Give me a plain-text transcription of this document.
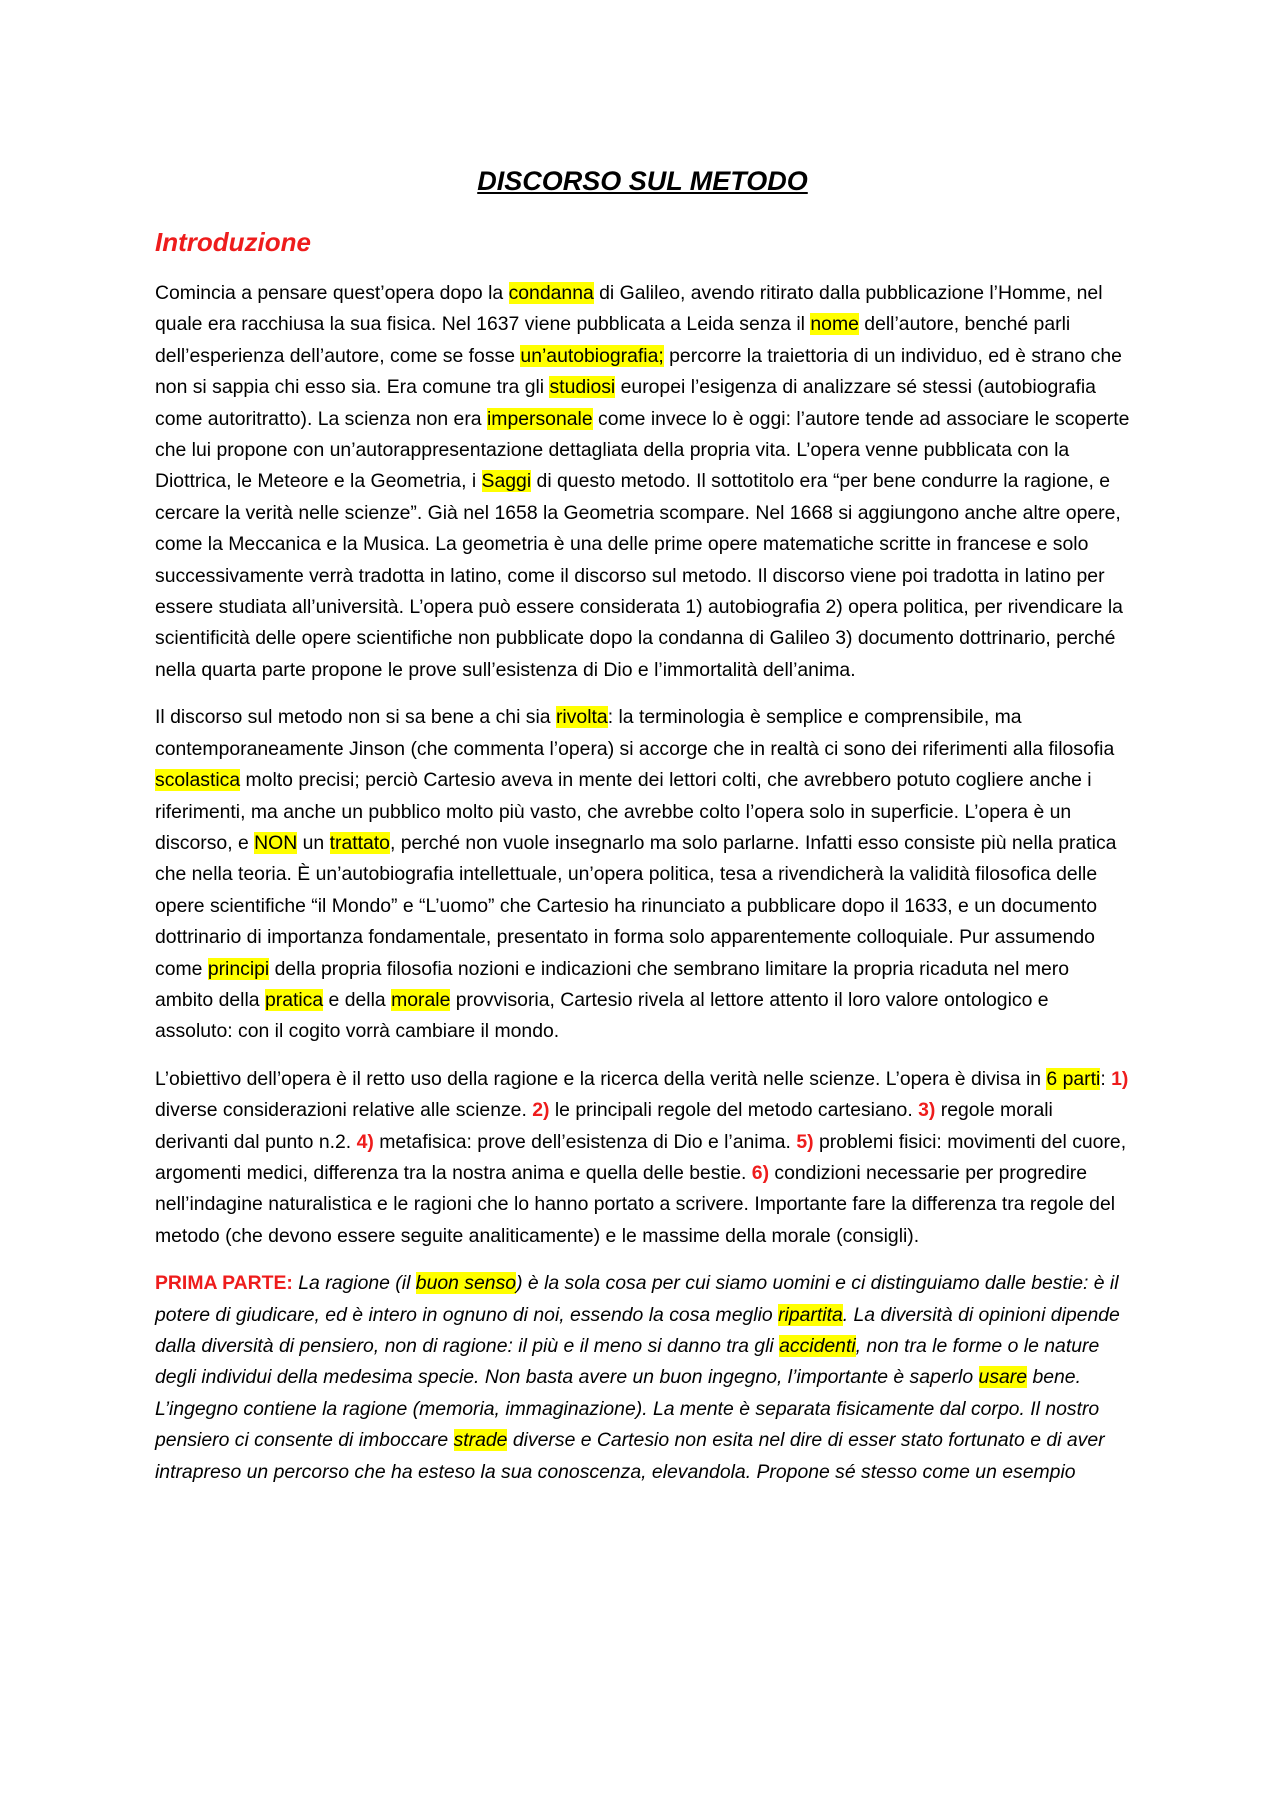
DISCORSO SUL METODO
Introduzione

Comincia a pensare quest’opera dopo la condanna di Galileo, avendo ritirato dalla pubblicazione l’Homme, nel quale era racchiusa la sua fisica. Nel 1637 viene pubblicata a Leida senza il nome dell’autore, benché parli dell’esperienza dell’autore, come se fosse un’autobiografia; percorre la traiettoria di un individuo, ed è strano che non si sappia chi esso sia. Era comune tra gli studiosi europei l’esigenza di analizzare sé stessi (autobiografia come autoritratto). La scienza non era impersonale come invece lo è oggi: l’autore tende ad associare le scoperte che lui propone con un’autorappresentazione dettagliata della propria vita. L’opera venne pubblicata con la Diottrica, le Meteore e la Geometria, i Saggi di questo metodo. Il sottotitolo era “per bene condurre la ragione, e cercare la verità nelle scienze”. Già nel 1658 la Geometria scompare. Nel 1668 si aggiungono anche altre opere, come la Meccanica e la Musica. La geometria è una delle prime opere matematiche scritte in francese e solo successivamente verrà tradotta in latino, come il discorso sul metodo. Il discorso viene poi tradotta in latino per essere studiata all’università. L’opera può essere considerata 1) autobiografia 2) opera politica, per rivendicare la scientificità delle opere scientifiche non pubblicate dopo la condanna di Galileo 3) documento dottrinario, perché nella quarta parte propone le prove sull’esistenza di Dio e l’immortalità dell’anima.

Il discorso sul metodo non si sa bene a chi sia rivolta: la terminologia è semplice e comprensibile, ma contemporaneamente Jinson (che commenta l’opera) si accorge che in realtà ci sono dei riferimenti alla filosofia scolastica molto precisi; perciò Cartesio aveva in mente dei lettori colti, che avrebbero potuto cogliere anche i riferimenti, ma anche un pubblico molto più vasto, che avrebbe colto l’opera solo in superficie. L’opera è un discorso, e NON un trattato, perché non vuole insegnarlo ma solo parlarne. Infatti esso consiste più nella pratica che nella teoria. È un’autobiografia intellettuale, un’opera politica, tesa a rivendicherà la validità filosofica delle opere scientifiche “il Mondo” e “L’uomo” che Cartesio ha rinunciato a pubblicare dopo il 1633, e un documento dottrinario di importanza fondamentale, presentato in forma solo apparentemente colloquiale. Pur assumendo come principi della propria filosofia nozioni e indicazioni che sembrano limitare la propria ricaduta nel mero ambito della pratica e della morale provvisoria, Cartesio rivela al lettore attento il loro valore ontologico e assoluto: con il cogito vorrà cambiare il mondo.

L’obiettivo dell’opera è il retto uso della ragione e la ricerca della verità nelle scienze. L’opera è divisa in 6 parti: 1) diverse considerazioni relative alle scienze. 2) le principali regole del metodo cartesiano. 3) regole morali derivanti dal punto n.2. 4) metafisica: prove dell’esistenza di Dio e l’anima. 5) problemi fisici: movimenti del cuore, argomenti medici, differenza tra la nostra anima e quella delle bestie. 6) condizioni necessarie per progredire nell’indagine naturalistica e le ragioni che lo hanno portato a scrivere. Importante fare la differenza tra regole del metodo (che devono essere seguite analiticamente) e le massime della morale (consigli).

PRIMA PARTE: La ragione (il buon senso) è la sola cosa per cui siamo uomini e ci distinguiamo dalle bestie: è il potere di giudicare, ed è intero in ognuno di noi, essendo la cosa meglio ripartita. La diversità di opinioni dipende dalla diversità di pensiero, non di ragione: il più e il meno si danno tra gli accidenti, non tra le forme o le nature degli individui della medesima specie. Non basta avere un buon ingegno, l’importante è saperlo usare bene. L’ingegno contiene la ragione (memoria, immaginazione). La mente è separata fisicamente dal corpo. Il nostro pensiero ci consente di imboccare strade diverse e Cartesio non esita nel dire di esser stato fortunato e di aver intrapreso un percorso che ha esteso la sua conoscenza, elevandola. Propone sé stesso come un esempio
